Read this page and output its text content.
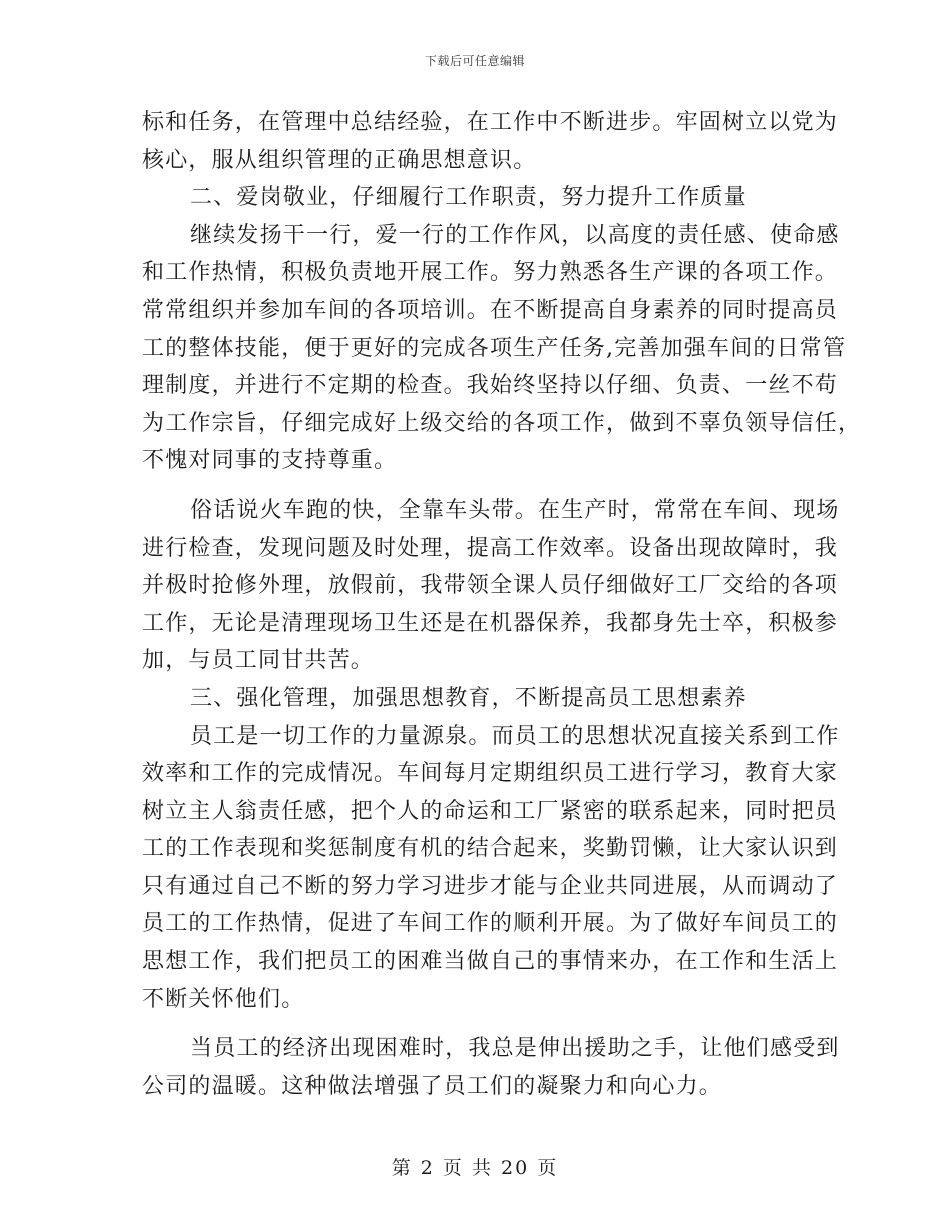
下载后可任意编辑
标和任务，在管理中总结经验，在工作中不断进步。牢固树立以党为
核心，服从组织管理的正确思想意识。
二、爱岗敬业，仔细履行工作职责，努力提升工作质量
继续发扬干一行，爱一行的工作作风，以高度的责任感、使命感
和工作热情，积极负责地开展工作。努力熟悉各生产课的各项工作。
常常组织并参加车间的各项培训。在不断提高自身素养的同时提高员
工的整体技能，便于更好的完成各项生产任务,完善加强车间的日常管
理制度，并进行不定期的检查。我始终坚持以仔细、负责、一丝不苟
为工作宗旨，仔细完成好上级交给的各项工作，做到不辜负领导信任，
不愧对同事的支持尊重。
俗话说火车跑的快，全靠车头带。在生产时，常常在车间、现场
进行检查，发现问题及时处理，提高工作效率。设备出现故障时，我
并极时抢修外理，放假前，我带领全课人员仔细做好工厂交给的各项
工作，无论是清理现场卫生还是在机器保养，我都身先士卒，积极参
加，与员工同甘共苦。
三、强化管理，加强思想教育，不断提高员工思想素养
员工是一切工作的力量源泉。而员工的思想状况直接关系到工作
效率和工作的完成情况。车间每月定期组织员工进行学习，教育大家
树立主人翁责任感，把个人的命运和工厂紧密的联系起来，同时把员
工的工作表现和奖惩制度有机的结合起来，奖勤罚懒，让大家认识到
只有通过自己不断的努力学习进步才能与企业共同进展，从而调动了
员工的工作热情，促进了车间工作的顺利开展。为了做好车间员工的
思想工作，我们把员工的困难当做自己的事情来办，在工作和生活上
不断关怀他们。
当员工的经济出现困难时，我总是伸出援助之手，让他们感受到
公司的温暖。这种做法增强了员工们的凝聚力和向心力。
第 2 页 共 20 页
